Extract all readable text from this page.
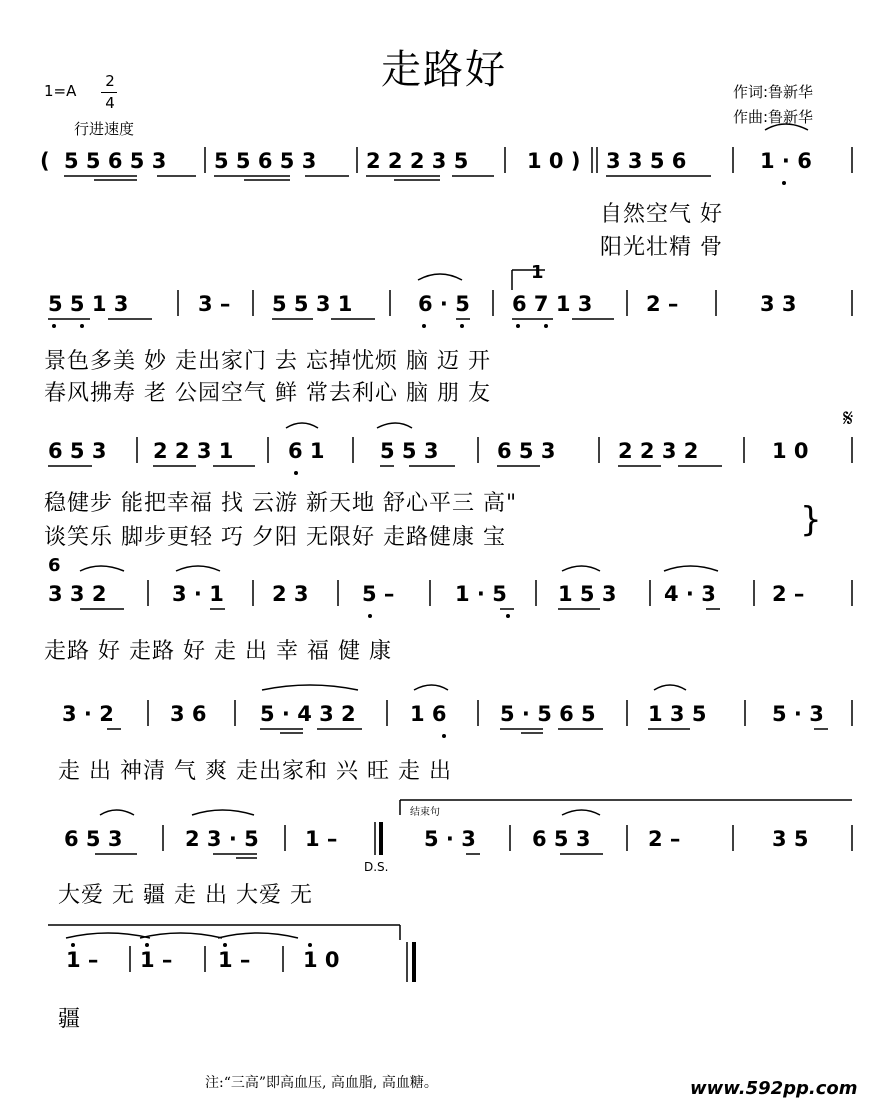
走路好
1=A
2
4
行进速度
作词:鲁新华
作曲:鲁新华
( 5 5 6 5 3 5 5 6 5 3 2 2 2 3 5	1 0 ) 3 3 5 6	1 · 6
5 5 1 3	3 – 5 5 3 1	6 · 5 6 7 1 3	2 –	3 3
6 5 3 2 2 3 1	6 1	5 5 3	6 5 3	2 2 3 2	1 0
3 3 2	3 · 1 2 3	5 –	1 · 5 1 5 3 4 · 3	2 –
3 · 2	3 6	5 · 4 3 2	1 6	5 · 5 6 5 1 3 5	5 · 3
6 5 3	2 3 · 5 1 –	5 · 3	6 5 3	2 –	3 5
1 – 1 – 1 –	1 0
1
6
𝄋
D.S.
结束句
}
自然空气 好
阳光壮精 骨
景色多美 妙 走出家门 去 忘掉忧烦 脑 迈 开
春风拂寿 老 公园空气 鲜 常去利心 脑 朋 友
稳健步 能把幸福 找 云游 新天地 舒心平三 高"
谈笑乐 脚步更轻 巧 夕阳 无限好 走路健康 宝
走路 好 走路 好 走 出 幸 福 健 康
走 出 神清 气 爽 走出家和 兴 旺 走 出
大爱 无 疆 走 出 大爱 无
疆
注:“三高”即高血压, 高血脂, 高血糖。	www.592pp.com
